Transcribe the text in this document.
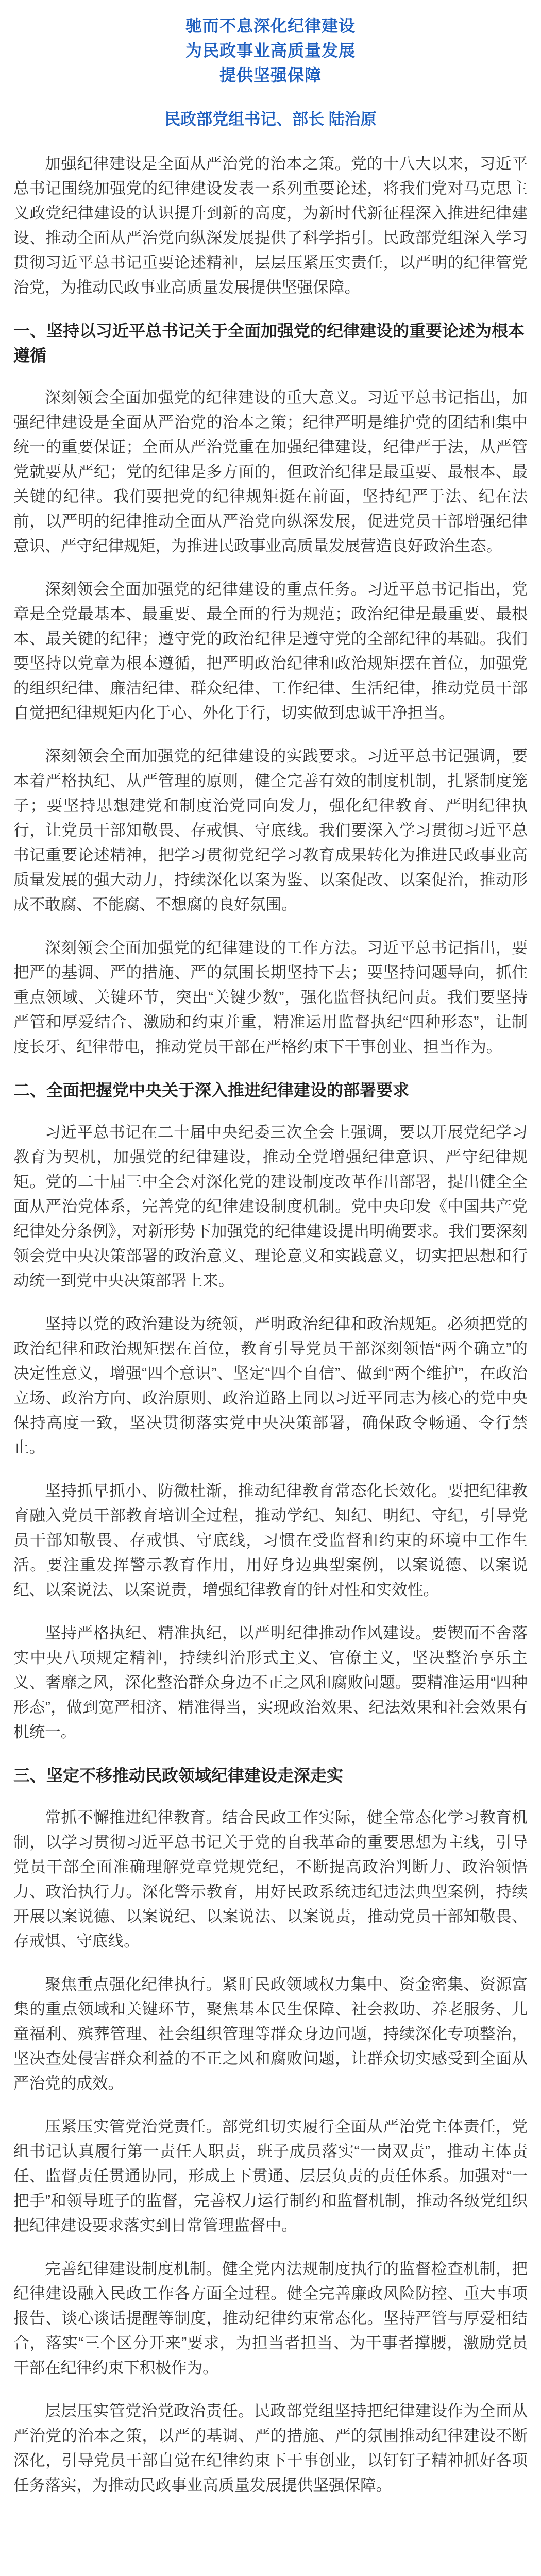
驰而不息深化纪律建设
为民政事业高质量发展
提供坚强保障
民政部党组书记、部长 陆治原

加强纪律建设是全面从严治党的治本之策。党的十八大以来，习近平总书记围绕加强党的纪律建设发表一系列重要论述，将我们党对马克思主义政党纪律建设的认识提升到新的高度，为新时代新征程深入推进纪律建设、推动全面从严治党向纵深发展提供了科学指引。民政部党组深入学习贯彻习近平总书记重要论述精神，层层压紧压实责任，以严明的纪律管党治党，为推动民政事业高质量发展提供坚强保障。

一、坚持以习近平总书记关于全面加强党的纪律建设的重要论述为根本遵循

深刻领会全面加强党的纪律建设的重大意义。习近平总书记指出，加强纪律建设是全面从严治党的治本之策；纪律严明是维护党的团结和集中统一的重要保证；全面从严治党重在加强纪律建设，纪律严于法，从严管党就要从严纪；党的纪律是多方面的，但政治纪律是最重要、最根本、最关键的纪律。我们要把党的纪律规矩挺在前面，坚持纪严于法、纪在法前，以严明的纪律推动全面从严治党向纵深发展，促进党员干部增强纪律意识、严守纪律规矩，为推进民政事业高质量发展营造良好政治生态。

深刻领会全面加强党的纪律建设的重点任务。习近平总书记指出，党章是全党最基本、最重要、最全面的行为规范；政治纪律是最重要、最根本、最关键的纪律；遵守党的政治纪律是遵守党的全部纪律的基础。我们要坚持以党章为根本遵循，把严明政治纪律和政治规矩摆在首位，加强党的组织纪律、廉洁纪律、群众纪律、工作纪律、生活纪律，推动党员干部自觉把纪律规矩内化于心、外化于行，切实做到忠诚干净担当。

深刻领会全面加强党的纪律建设的实践要求。习近平总书记强调，要本着严格执纪、从严管理的原则，健全完善有效的制度机制，扎紧制度笼子；要坚持思想建党和制度治党同向发力，强化纪律教育、严明纪律执行，让党员干部知敬畏、存戒惧、守底线。我们要深入学习贯彻习近平总书记重要论述精神，把学习贯彻党纪学习教育成果转化为推进民政事业高质量发展的强大动力，持续深化以案为鉴、以案促改、以案促治，推动形成不敢腐、不能腐、不想腐的良好氛围。

深刻领会全面加强党的纪律建设的工作方法。习近平总书记指出，要把严的基调、严的措施、严的氛围长期坚持下去；要坚持问题导向，抓住重点领域、关键环节，突出“关键少数”，强化监督执纪问责。我们要坚持严管和厚爱结合、激励和约束并重，精准运用监督执纪“四种形态”，让制度长牙、纪律带电，推动党员干部在严格约束下干事创业、担当作为。

二、全面把握党中央关于深入推进纪律建设的部署要求

习近平总书记在二十届中央纪委三次全会上强调，要以开展党纪学习教育为契机，加强党的纪律建设，推动全党增强纪律意识、严守纪律规矩。党的二十届三中全会对深化党的建设制度改革作出部署，提出健全全面从严治党体系，完善党的纪律建设制度机制。党中央印发《中国共产党纪律处分条例》，对新形势下加强党的纪律建设提出明确要求。我们要深刻领会党中央决策部署的政治意义、理论意义和实践意义，切实把思想和行动统一到党中央决策部署上来。

坚持以党的政治建设为统领，严明政治纪律和政治规矩。必须把党的政治纪律和政治规矩摆在首位，教育引导党员干部深刻领悟“两个确立”的决定性意义，增强“四个意识”、坚定“四个自信”、做到“两个维护”，在政治立场、政治方向、政治原则、政治道路上同以习近平同志为核心的党中央保持高度一致，坚决贯彻落实党中央决策部署，确保政令畅通、令行禁止。

坚持抓早抓小、防微杜渐，推动纪律教育常态化长效化。要把纪律教育融入党员干部教育培训全过程，推动学纪、知纪、明纪、守纪，引导党员干部知敬畏、存戒惧、守底线，习惯在受监督和约束的环境中工作生活。要注重发挥警示教育作用，用好身边典型案例，以案说德、以案说纪、以案说法、以案说责，增强纪律教育的针对性和实效性。

坚持严格执纪、精准执纪，以严明纪律推动作风建设。要锲而不舍落实中央八项规定精神，持续纠治形式主义、官僚主义，坚决整治享乐主义、奢靡之风，深化整治群众身边不正之风和腐败问题。要精准运用“四种形态”，做到宽严相济、精准得当，实现政治效果、纪法效果和社会效果有机统一。

三、坚定不移推动民政领域纪律建设走深走实

常抓不懈推进纪律教育。结合民政工作实际，健全常态化学习教育机制，以学习贯彻习近平总书记关于党的自我革命的重要思想为主线，引导党员干部全面准确理解党章党规党纪，不断提高政治判断力、政治领悟力、政治执行力。深化警示教育，用好民政系统违纪违法典型案例，持续开展以案说德、以案说纪、以案说法、以案说责，推动党员干部知敬畏、存戒惧、守底线。

聚焦重点强化纪律执行。紧盯民政领域权力集中、资金密集、资源富集的重点领域和关键环节，聚焦基本民生保障、社会救助、养老服务、儿童福利、殡葬管理、社会组织管理等群众身边问题，持续深化专项整治，坚决查处侵害群众利益的不正之风和腐败问题，让群众切实感受到全面从严治党的成效。

压紧压实管党治党责任。部党组切实履行全面从严治党主体责任，党组书记认真履行第一责任人职责，班子成员落实“一岗双责”，推动主体责任、监督责任贯通协同，形成上下贯通、层层负责的责任体系。加强对“一把手”和领导班子的监督，完善权力运行制约和监督机制，推动各级党组织把纪律建设要求落实到日常管理监督中。

完善纪律建设制度机制。健全党内法规制度执行的监督检查机制，把纪律建设融入民政工作各方面全过程。健全完善廉政风险防控、重大事项报告、谈心谈话提醒等制度，推动纪律约束常态化。坚持严管与厚爱相结合，落实“三个区分开来”要求，为担当者担当、为干事者撑腰，激励党员干部在纪律约束下积极作为。

层层压实管党治党政治责任。民政部党组坚持把纪律建设作为全面从严治党的治本之策，以严的基调、严的措施、严的氛围推动纪律建设不断深化，引导党员干部自觉在纪律约束下干事创业，以钉钉子精神抓好各项任务落实，为推动民政事业高质量发展提供坚强保障。
